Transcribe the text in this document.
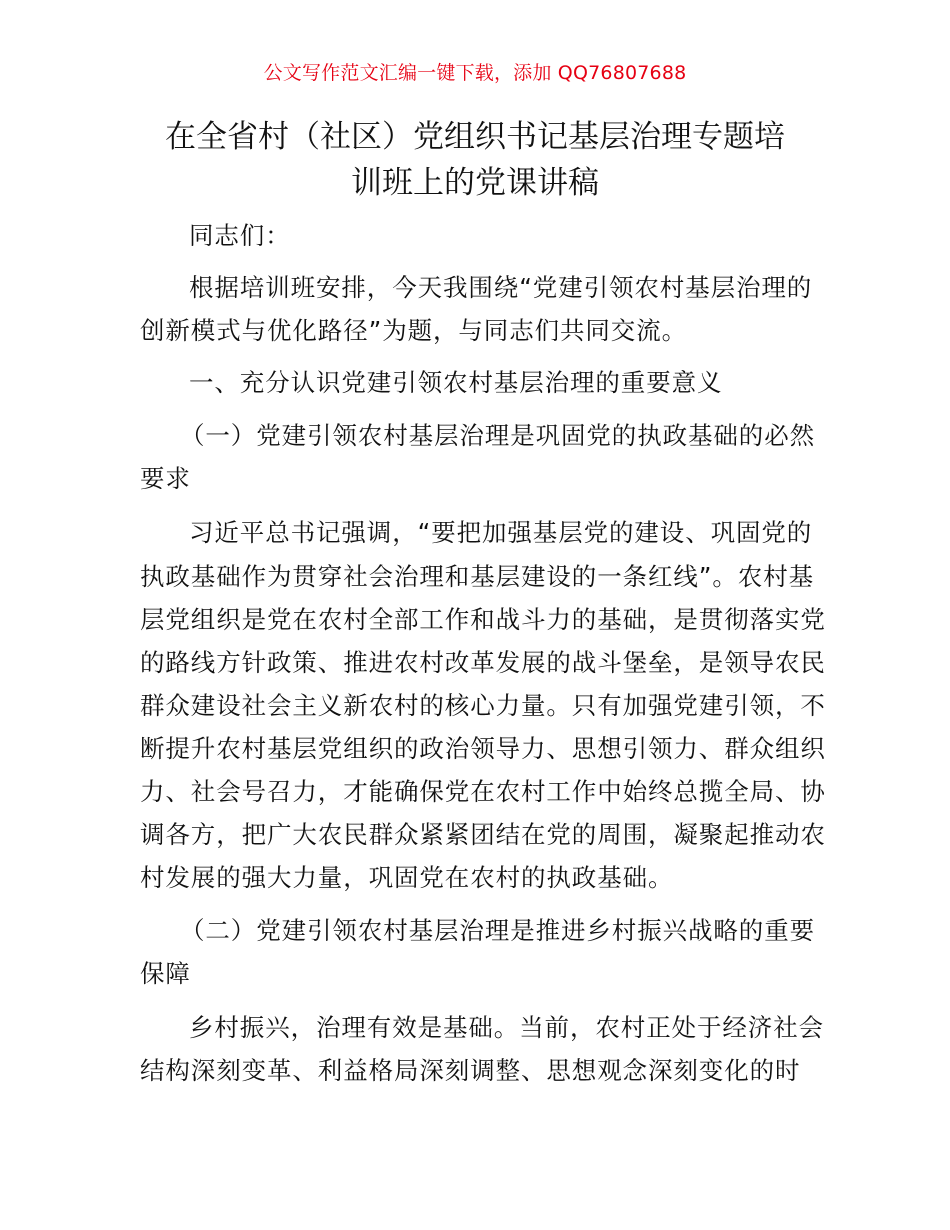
公文写作范文汇编一键下载，添加 QQ76807688
在全省村（社区）党组织书记基层治理专题培
训班上的党课讲稿
同志们：
根据培训班安排，今天我围绕“党建引领农村基层治理的
创新模式与优化路径”为题，与同志们共同交流。
一、充分认识党建引领农村基层治理的重要意义
（一）党建引领农村基层治理是巩固党的执政基础的必然
要求
习近平总书记强调，“要把加强基层党的建设、巩固党的
执政基础作为贯穿社会治理和基层建设的一条红线”。农村基
层党组织是党在农村全部工作和战斗力的基础，是贯彻落实党
的路线方针政策、推进农村改革发展的战斗堡垒，是领导农民
群众建设社会主义新农村的核心力量。只有加强党建引领，不
断提升农村基层党组织的政治领导力、思想引领力、群众组织
力、社会号召力，才能确保党在农村工作中始终总揽全局、协
调各方，把广大农民群众紧紧团结在党的周围，凝聚起推动农
村发展的强大力量，巩固党在农村的执政基础。
（二）党建引领农村基层治理是推进乡村振兴战略的重要
保障
乡村振兴，治理有效是基础。当前，农村正处于经济社会
结构深刻变革、利益格局深刻调整、思想观念深刻变化的时
